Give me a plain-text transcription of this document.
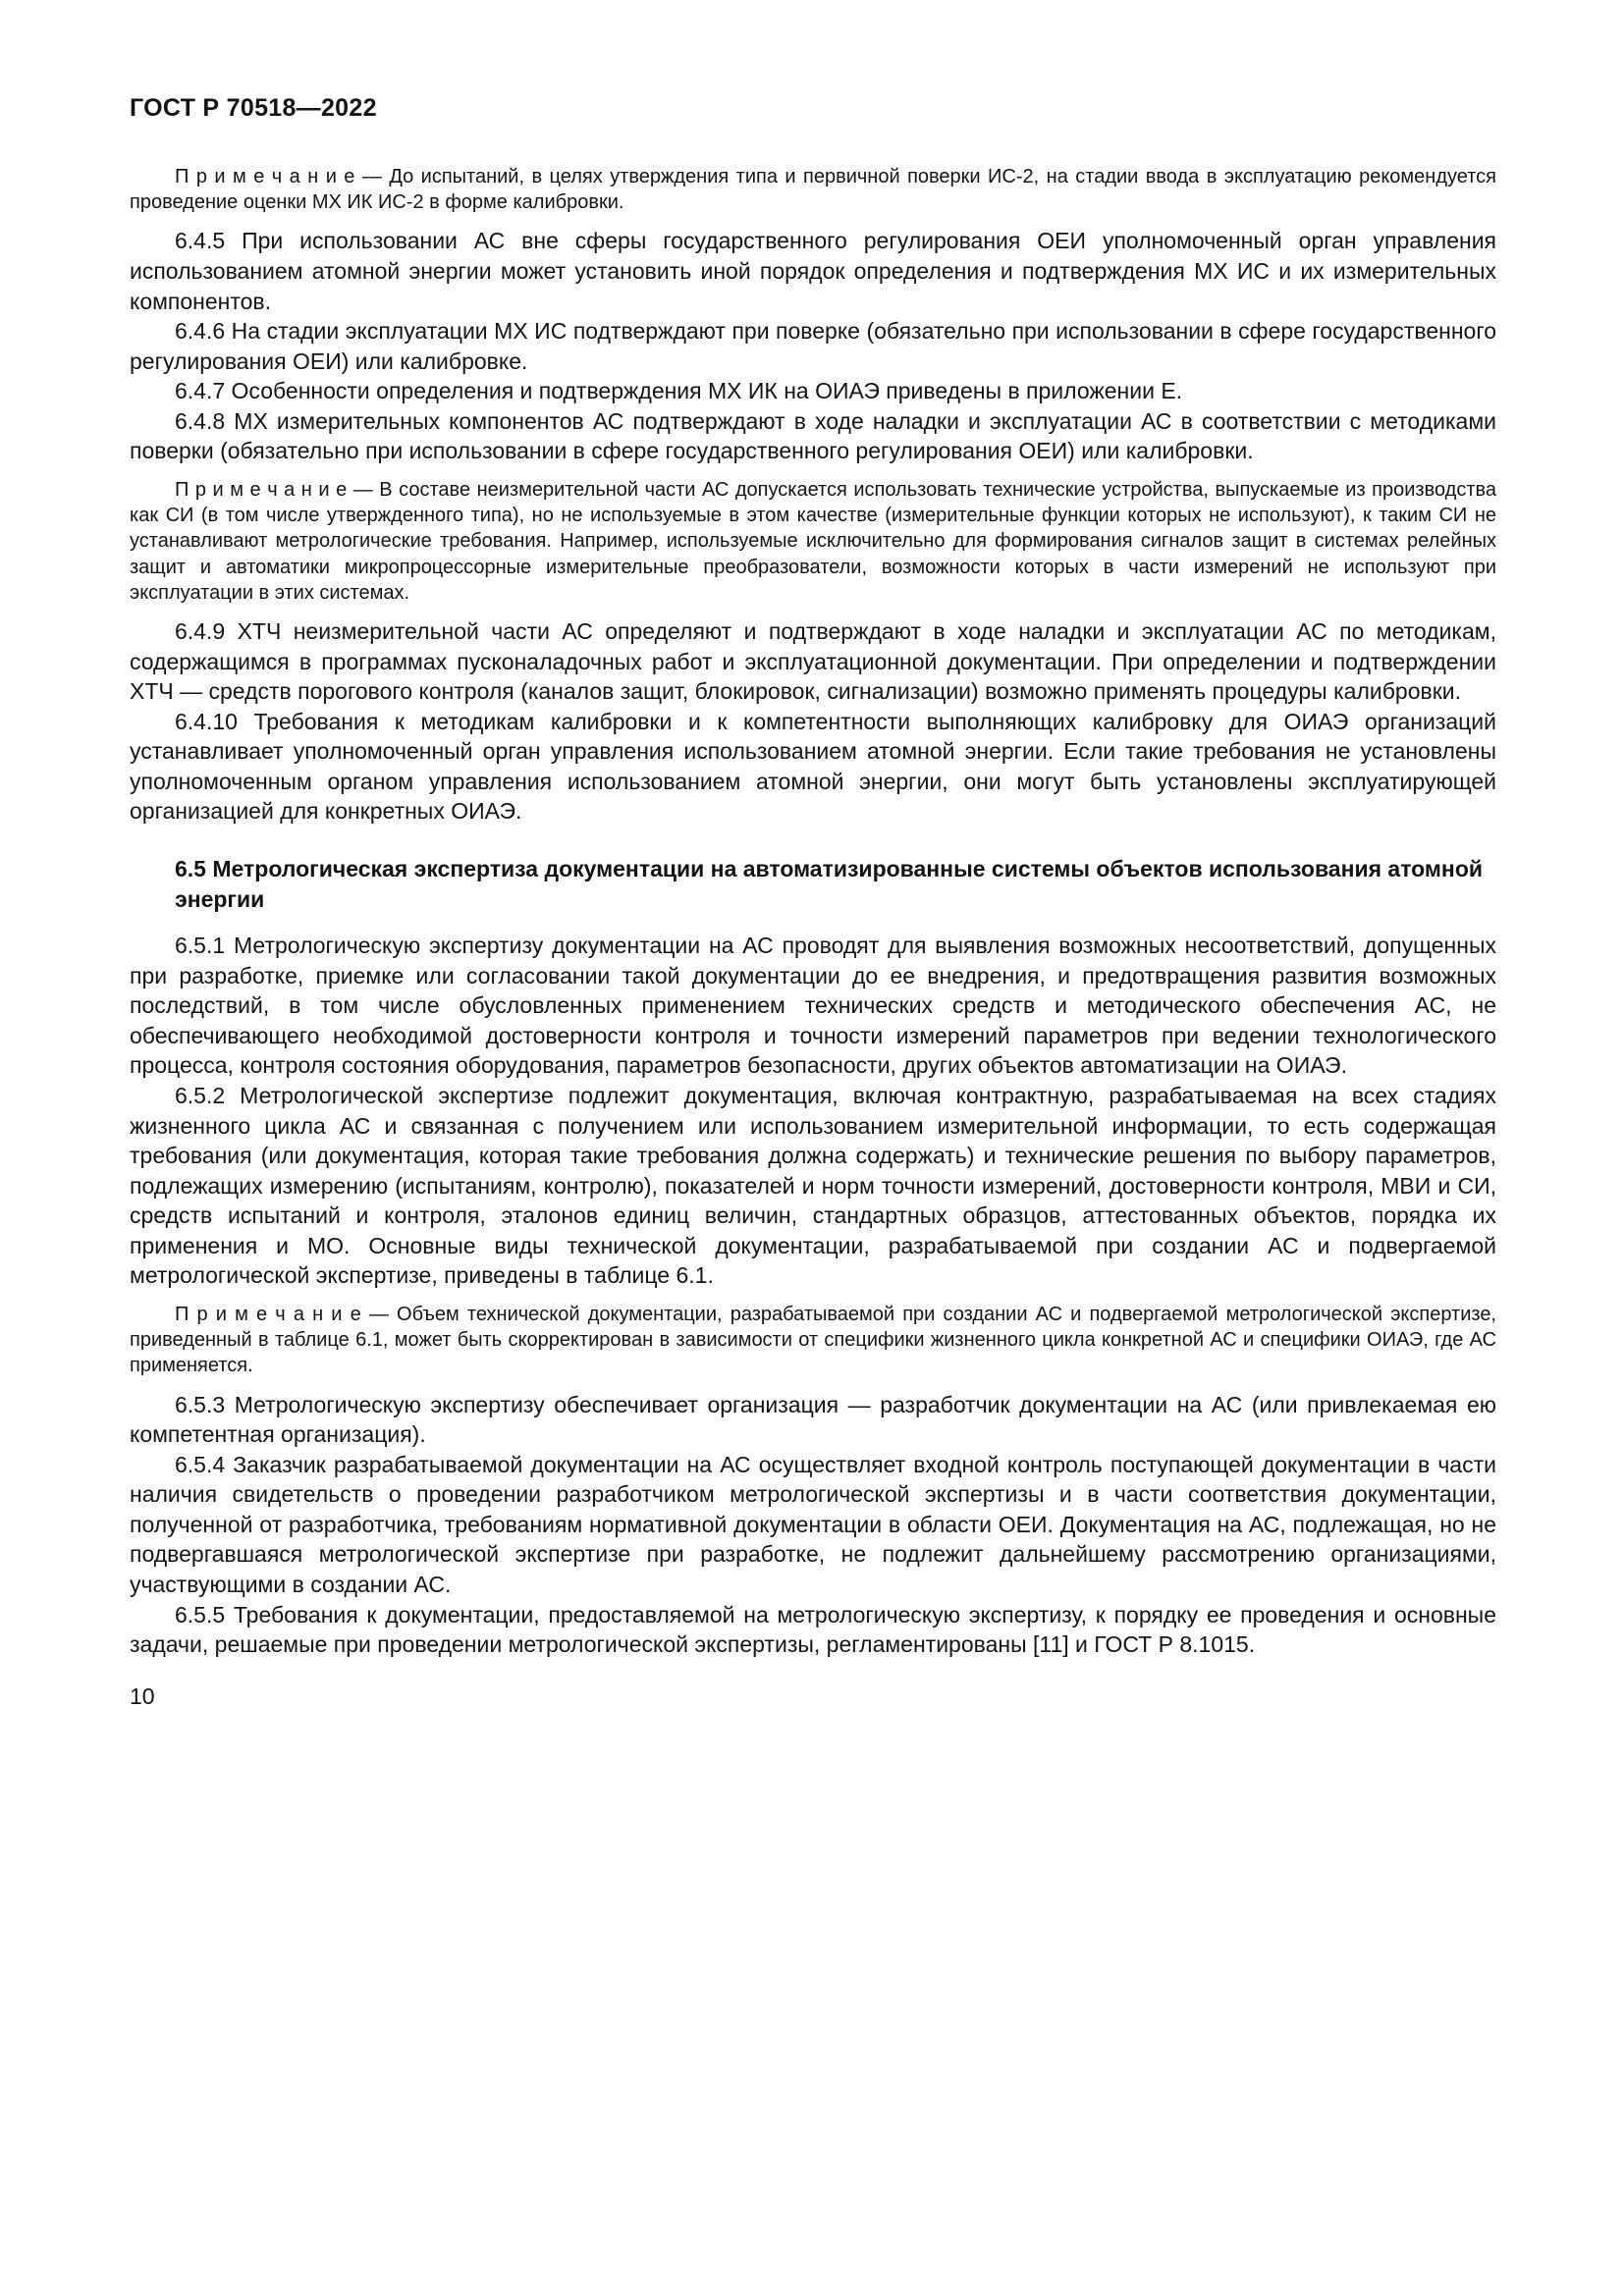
ГОСТ Р 70518—2022

П р и м е ч а н и е — До испытаний, в целях утверждения типа и первичной поверки ИС-2, на стадии ввода в эксплуатацию рекомендуется проведение оценки МХ ИК ИС-2 в форме калибровки.

6.4.5 При использовании АС вне сферы государственного регулирования ОЕИ уполномоченный орган управления использованием атомной энергии может установить иной порядок определения и подтверждения МХ ИС и их измерительных компонентов.

6.4.6 На стадии эксплуатации МХ ИС подтверждают при поверке (обязательно при использовании в сфере государственного регулирования ОЕИ) или калибровке.

6.4.7 Особенности определения и подтверждения МХ ИК на ОИАЭ приведены в приложении Е.

6.4.8 МХ измерительных компонентов АС подтверждают в ходе наладки и эксплуатации АС в соответствии с методиками поверки (обязательно при использовании в сфере государственного регулирования ОЕИ) или калибровки.

П р и м е ч а н и е — В составе неизмерительной части АС допускается использовать технические устройства, выпускаемые из производства как СИ (в том числе утвержденного типа), но не используемые в этом качестве (измерительные функции которых не используют), к таким СИ не устанавливают метрологические требования. Например, используемые исключительно для формирования сигналов защит в системах релейных защит и автоматики микропроцессорные измерительные преобразователи, возможности которых в части измерений не используют при эксплуатации в этих системах.

6.4.9 ХТЧ неизмерительной части АС определяют и подтверждают в ходе наладки и эксплуатации АС по методикам, содержащимся в программах пусконаладочных работ и эксплуатационной документации. При определении и подтверждении ХТЧ — средств порогового контроля (каналов защит, блокировок, сигнализации) возможно применять процедуры калибровки.

6.4.10 Требования к методикам калибровки и к компетентности выполняющих калибровку для ОИАЭ организаций устанавливает уполномоченный орган управления использованием атомной энергии. Если такие требования не установлены уполномоченным органом управления использованием атомной энергии, они могут быть установлены эксплуатирующей организацией для конкретных ОИАЭ.

6.5 Метрологическая экспертиза документации на автоматизированные системы объектов использования атомной энергии

6.5.1 Метрологическую экспертизу документации на АС проводят для выявления возможных несоответствий, допущенных при разработке, приемке или согласовании такой документации до ее внедрения, и предотвращения развития возможных последствий, в том числе обусловленных применением технических средств и методического обеспечения АС, не обеспечивающего необходимой достоверности контроля и точности измерений параметров при ведении технологического процесса, контроля состояния оборудования, параметров безопасности, других объектов автоматизации на ОИАЭ.

6.5.2 Метрологической экспертизе подлежит документация, включая контрактную, разрабатываемая на всех стадиях жизненного цикла АС и связанная с получением или использованием измерительной информации, то есть содержащая требования (или документация, которая такие требования должна содержать) и технические решения по выбору параметров, подлежащих измерению (испытаниям, контролю), показателей и норм точности измерений, достоверности контроля, МВИ и СИ, средств испытаний и контроля, эталонов единиц величин, стандартных образцов, аттестованных объектов, порядка их применения и МО. Основные виды технической документации, разрабатываемой при создании АС и подвергаемой метрологической экспертизе, приведены в таблице 6.1.

П р и м е ч а н и е — Объем технической документации, разрабатываемой при создании АС и подвергаемой метрологической экспертизе, приведенный в таблице 6.1, может быть скорректирован в зависимости от специфики жизненного цикла конкретной АС и специфики ОИАЭ, где АС применяется.

6.5.3 Метрологическую экспертизу обеспечивает организация — разработчик документации на АС (или привлекаемая ею компетентная организация).

6.5.4 Заказчик разрабатываемой документации на АС осуществляет входной контроль поступающей документации в части наличия свидетельств о проведении разработчиком метрологической экспертизы и в части соответствия документации, полученной от разработчика, требованиям нормативной документации в области ОЕИ. Документация на АС, подлежащая, но не подвергавшаяся метрологической экспертизе при разработке, не подлежит дальнейшему рассмотрению организациями, участвующими в создании АС.

6.5.5 Требования к документации, предоставляемой на метрологическую экспертизу, к порядку ее проведения и основные задачи, решаемые при проведении метрологической экспертизы, регламентированы [11] и ГОСТ Р 8.1015.

10
